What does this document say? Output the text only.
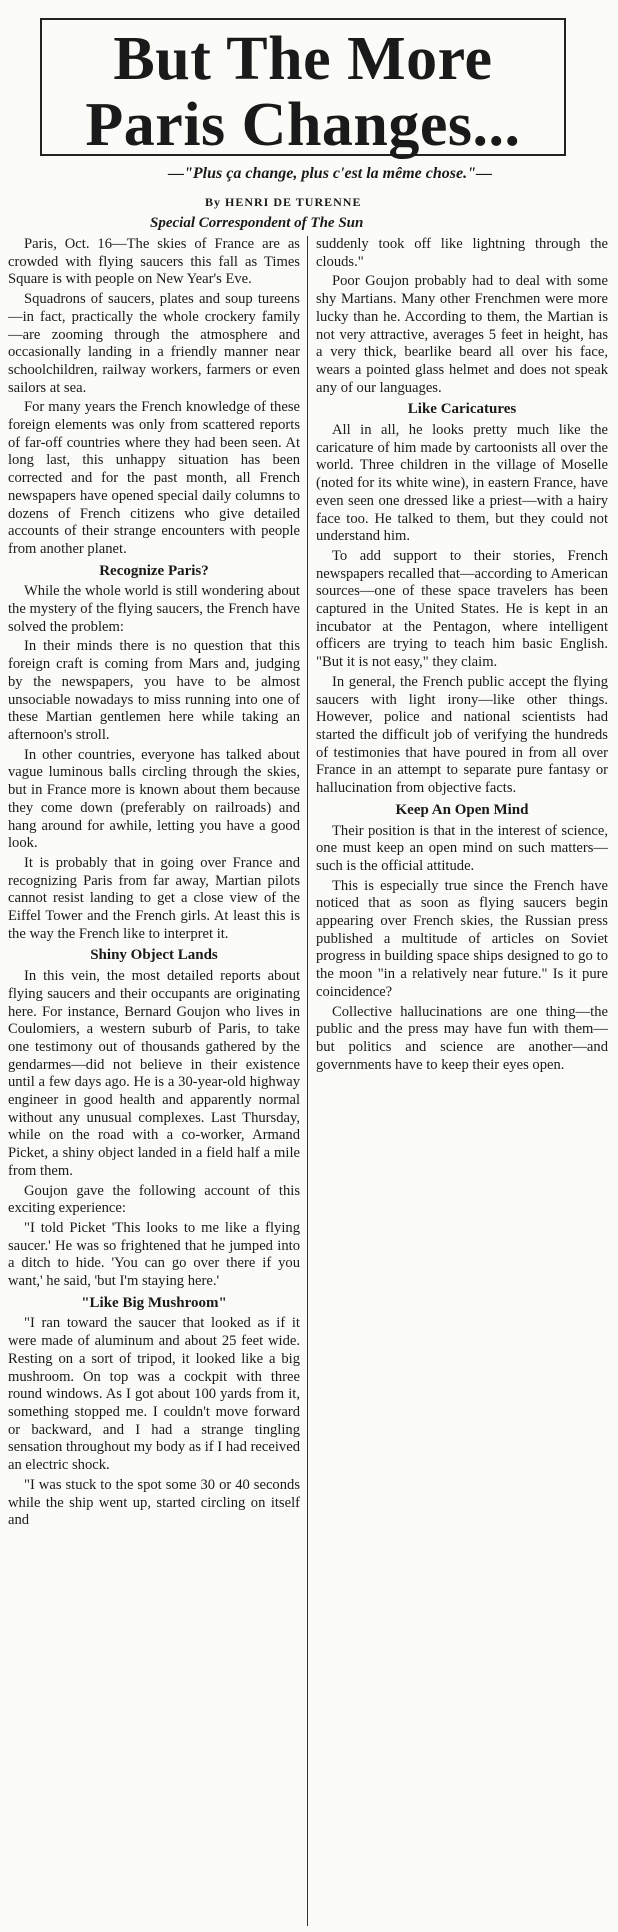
But The More
Paris Changes...
—"Plus ça change, plus c'est la même chose."—
By HENRI DE TURENNE
Special Correspondent of The Sun

Paris, Oct. 16—The skies of France are as crowded with flying saucers this fall as Times Square is with people on New Year's Eve.

Squadrons of saucers, plates and soup tureens—in fact, practically the whole crockery family—are zooming through the atmosphere and occasionally landing in a friendly manner near schoolchildren, railway workers, farmers or even sailors at sea.

For many years the French knowledge of these foreign elements was only from scattered reports of far-off countries where they had been seen. At long last, this unhappy situation has been corrected and for the past month, all French newspapers have opened special daily columns to dozens of French citizens who give detailed accounts of their strange encounters with people from another planet.

Recognize Paris?

While the whole world is still wondering about the mystery of the flying saucers, the French have solved the problem:

In their minds there is no question that this foreign craft is coming from Mars and, judging by the newspapers, you have to be almost unsociable nowadays to miss running into one of these Martian gentlemen here while taking an afternoon's stroll.

In other countries, everyone has talked about vague luminous balls circling through the skies, but in France more is known about them because they come down (preferably on railroads) and hang around for awhile, letting you have a good look.

It is probably that in going over France and recognizing Paris from far away, Martian pilots cannot resist landing to get a close view of the Eiffel Tower and the French girls. At least this is the way the French like to interpret it.

Shiny Object Lands

In this vein, the most detailed reports about flying saucers and their occupants are originating here. For instance, Bernard Goujon who lives in Coulomiers, a western suburb of Paris, to take one testimony out of thousands gathered by the gendarmes—did not believe in their existence until a few days ago. He is a 30-year-old highway engineer in good health and apparently normal without any unusual complexes. Last Thursday, while on the road with a co-worker, Armand Picket, a shiny object landed in a field half a mile from them.

Goujon gave the following account of this exciting experience:

"I told Picket 'This looks to me like a flying saucer.' He was so frightened that he jumped into a ditch to hide. 'You can go over there if you want,' he said, 'but I'm staying here.'

"Like Big Mushroom"

"I ran toward the saucer that looked as if it were made of aluminum and about 25 feet wide. Resting on a sort of tripod, it looked like a big mushroom. On top was a cockpit with three round windows. As I got about 100 yards from it, something stopped me. I couldn't move forward or backward, and I had a strange tingling sensation throughout my body as if I had received an electric shock.

"I was stuck to the spot some 30 or 40 seconds while the ship went up, started circling on itself and

suddenly took off like lightning through the clouds."

Poor Goujon probably had to deal with some shy Martians. Many other Frenchmen were more lucky than he. According to them, the Martian is not very attractive, averages 5 feet in height, has a very thick, bearlike beard all over his face, wears a pointed glass helmet and does not speak any of our languages.

Like Caricatures

All in all, he looks pretty much like the caricature of him made by cartoonists all over the world. Three children in the village of Moselle (noted for its white wine), in eastern France, have even seen one dressed like a priest—with a hairy face too. He talked to them, but they could not understand him.

To add support to their stories, French newspapers recalled that—according to American sources—one of these space travelers has been captured in the United States. He is kept in an incubator at the Pentagon, where intelligent officers are trying to teach him basic English. "But it is not easy," they claim.

In general, the French public accept the flying saucers with light irony—like other things. However, police and national scientists had started the difficult job of verifying the hundreds of testimonies that have poured in from all over France in an attempt to separate pure fantasy or hallucination from objective facts.

Keep An Open Mind

Their position is that in the interest of science, one must keep an open mind on such matters—such is the official attitude.

This is especially true since the French have noticed that as soon as flying saucers begin appearing over French skies, the Russian press published a multitude of articles on Soviet progress in building space ships designed to go to the moon "in a relatively near future." Is it pure coincidence?

Collective hallucinations are one thing—the public and the press may have fun with them—but politics and science are another—and governments have to keep their eyes open.
